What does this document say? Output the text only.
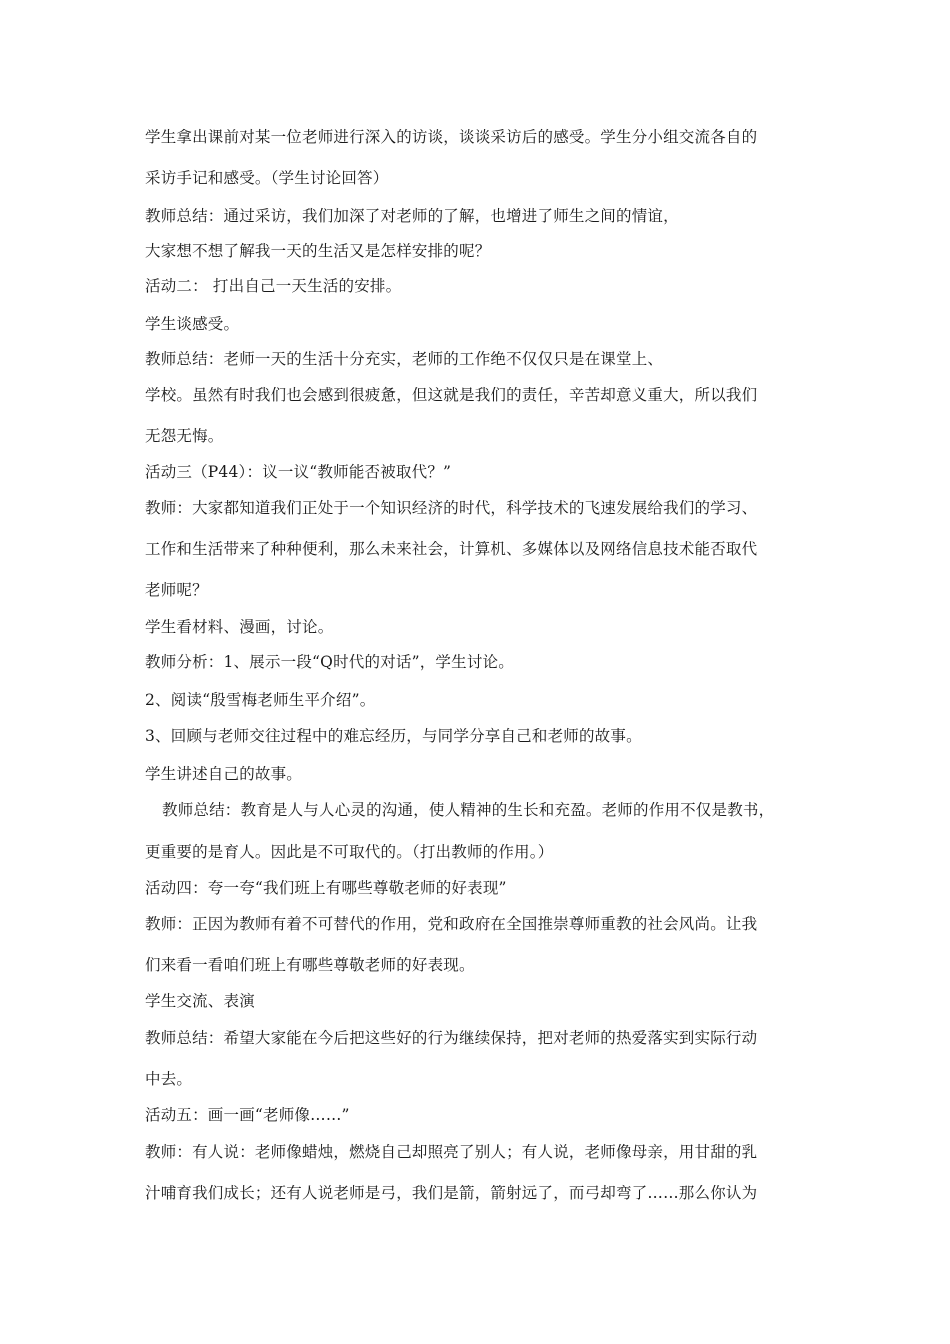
学生拿出课前对某一位老师进行深入的访谈，谈谈采访后的感受。学生分小组交流各自的
采访手记和感受。（学生讨论回答）
教师总结：通过采访，我们加深了对老师的了解，也增进了师生之间的情谊，
大家想不想了解我一天的生活又是怎样安排的呢？
活动二： 打出自己一天生活的安排。
学生谈感受。
教师总结：老师一天的生活十分充实，老师的工作绝不仅仅只是在课堂上、
学校。虽然有时我们也会感到很疲惫，但这就是我们的责任，辛苦却意义重大，所以我们
无怨无悔。
活动三（P44）：议一议“教师能否被取代？”
教师：大家都知道我们正处于一个知识经济的时代，科学技术的飞速发展给我们的学习、
工作和生活带来了种种便利，那么未来社会，计算机、多媒体以及网络信息技术能否取代
老师呢？
学生看材料、漫画，讨论。
教师分析：1、展示一段“Q时代的对话”，学生讨论。
2、阅读“殷雪梅老师生平介绍”。
3、回顾与老师交往过程中的难忘经历，与同学分享自己和老师的故事。
学生讲述自己的故事。
教师总结：教育是人与人心灵的沟通，使人精神的生长和充盈。老师的作用不仅是教书，
更重要的是育人。因此是不可取代的。（打出教师的作用。）
活动四：夸一夸“我们班上有哪些尊敬老师的好表现”
教师：正因为教师有着不可替代的作用，党和政府在全国推崇尊师重教的社会风尚。让我
们来看一看咱们班上有哪些尊敬老师的好表现。
学生交流、表演
教师总结：希望大家能在今后把这些好的行为继续保持，把对老师的热爱落实到实际行动
中去。
活动五：画一画“老师像……”
教师：有人说：老师像蜡烛，燃烧自己却照亮了别人；有人说，老师像母亲，用甘甜的乳
汁哺育我们成长；还有人说老师是弓，我们是箭，箭射远了，而弓却弯了……那么你认为
